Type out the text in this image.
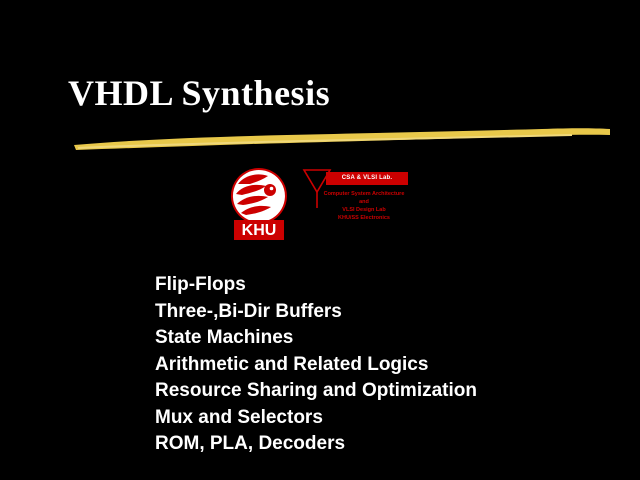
VHDL Synthesis
KHU
CSA & VLSI Lab.
Computer System Architecture
and
VLSI Design Lab
KHU/SS Electronics
Flip-Flops
Three-,Bi-Dir Buffers
State Machines
Arithmetic and Related Logics
Resource Sharing and Optimization
Mux and Selectors
ROM, PLA, Decoders
